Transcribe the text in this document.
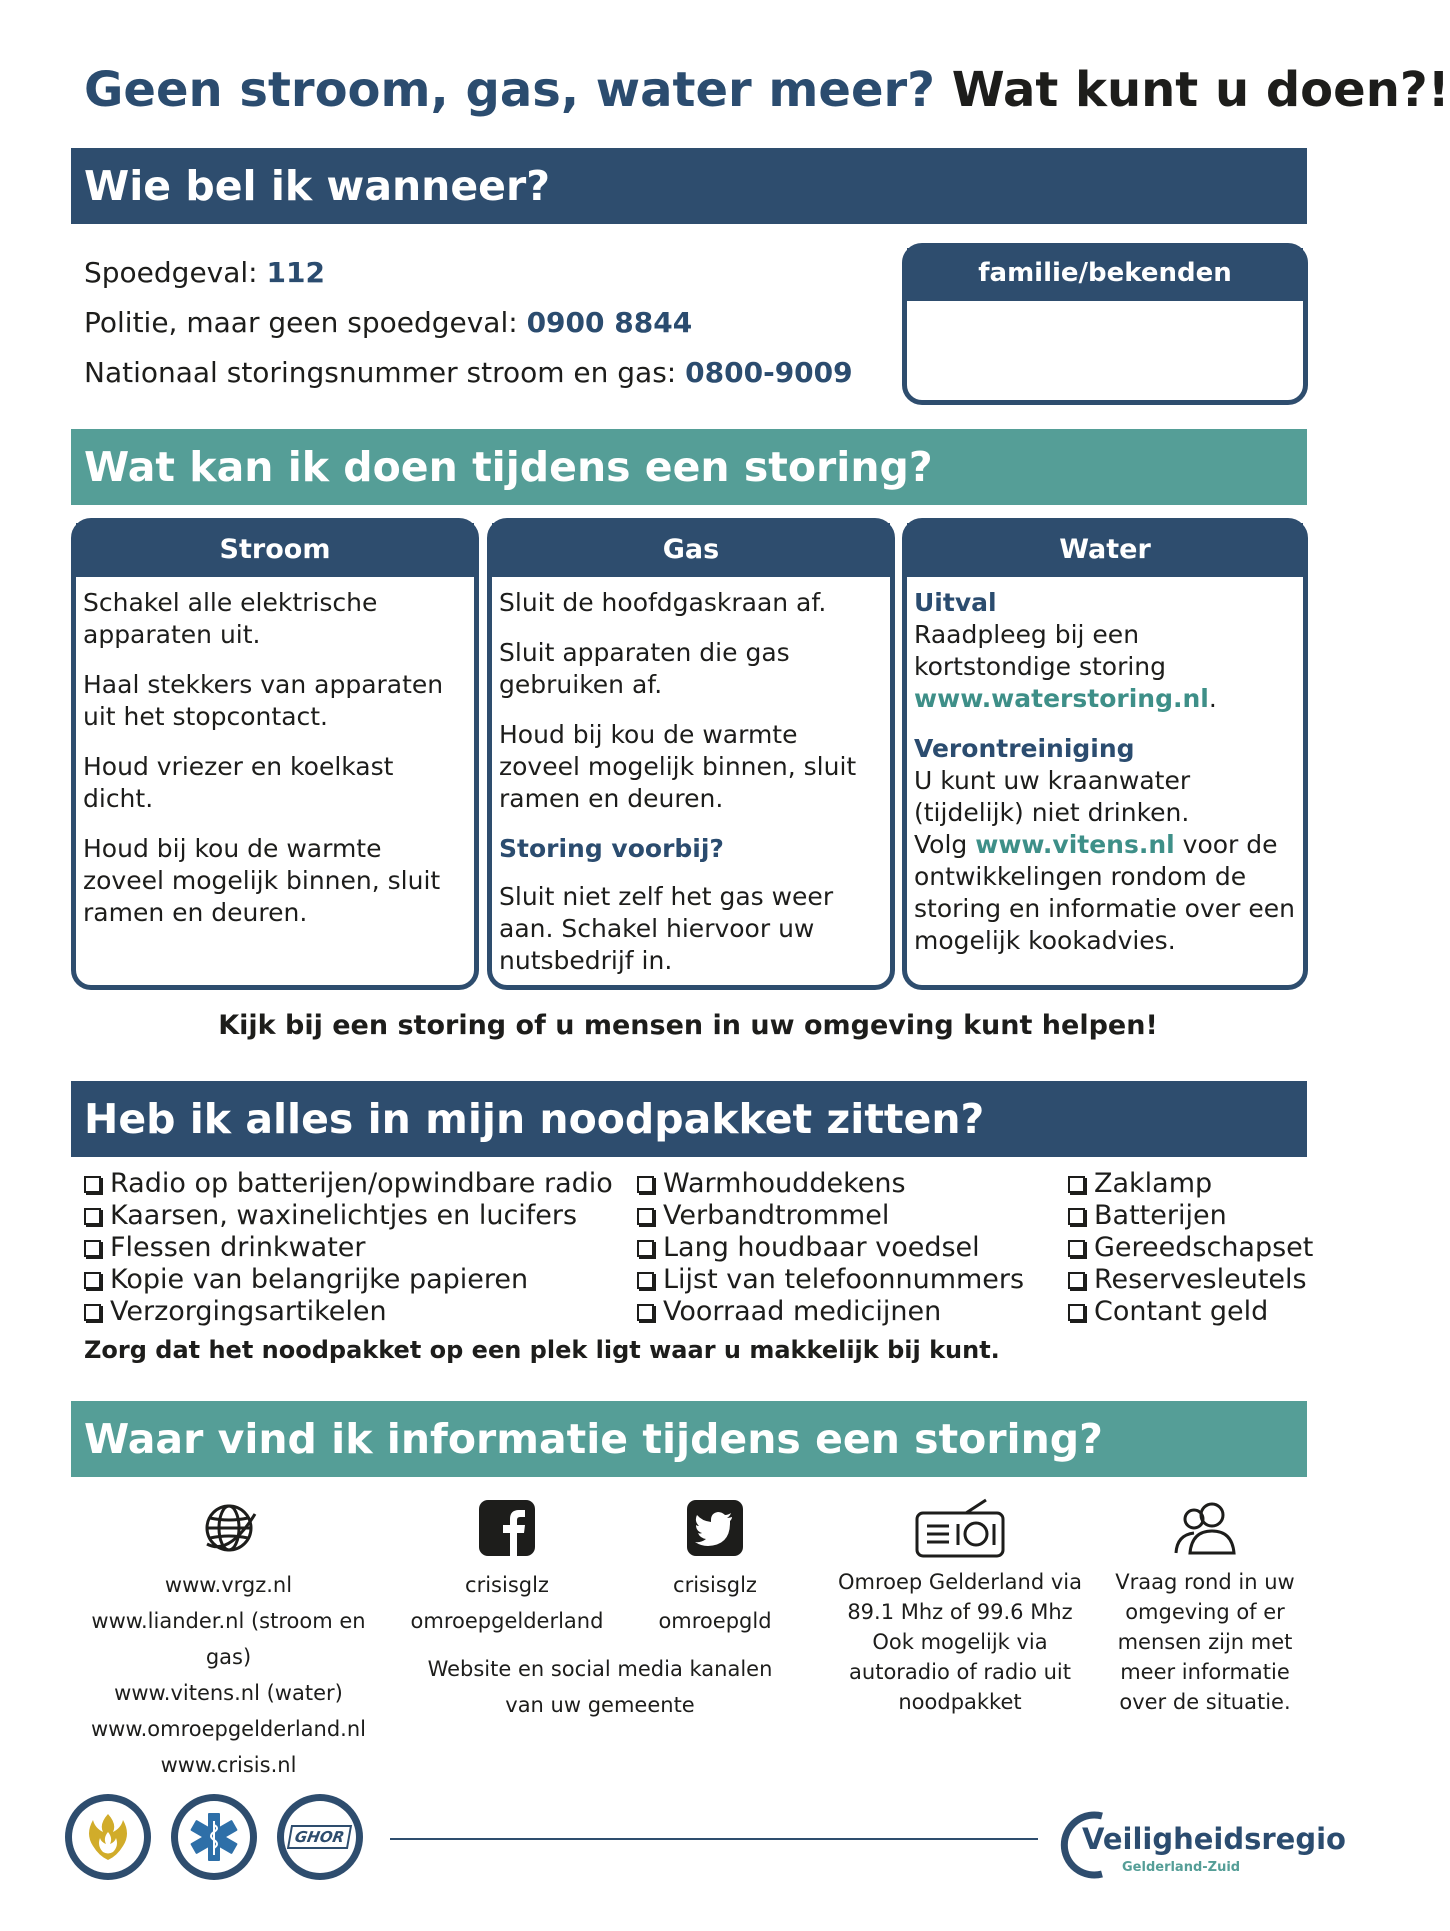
Geen stroom, gas, water meer? Wat kunt u doen?!
Wie bel ik wanneer?
Spoedgeval: 112
Politie, maar geen spoedgeval: 0900 8844
Nationaal storingsnummer stroom en gas: 0800-9009
familie/bekenden
Wat kan ik doen tijdens een storing?
Stroom

Schakel alle elektrische apparaten uit.

Haal stekkers van apparaten uit het stopcontact.

Houd vriezer en koelkast dicht.

Houd bij kou de warmte zoveel mogelijk binnen, sluit ramen en deuren.

Gas

Sluit de hoofdgaskraan af.

Sluit apparaten die gas gebruiken af.

Houd bij kou de warmte zoveel mogelijk binnen, sluit ramen en deuren.

Storing voorbij?

Sluit niet zelf het gas weer aan. Schakel hiervoor uw nutsbedrijf in.

Water

Uitval

Raadpleeg bij een kortstondige storing www.waterstoring.nl.

Verontreiniging

U kunt uw kraanwater (tijdelijk) niet drinken.

Volg www.vitens.nl voor de ontwikkelingen rondom de storing en informatie over een mogelijk kookadvies.

Kijk bij een storing of u mensen in uw omgeving kunt helpen!
Heb ik alles in mijn noodpakket zitten?
Radio op batterijen/opwindbare radio
Kaarsen, waxinelichtjes en lucifers
Flessen drinkwater
Kopie van belangrijke papieren
Verzorgingsartikelen
Warmhouddekens
Verbandtrommel
Lang houdbaar voedsel
Lijst van telefoonnummers
Voorraad medicijnen
Zaklamp
Batterijen
Gereedschapset
Reservesleutels
Contant geld
Zorg dat het noodpakket op een plek ligt waar u makkelijk bij kunt.
Waar vind ik informatie tijdens een storing?
www.vrgz.nl
www.liander.nl (stroom en gas)
www.vitens.nl (water)
www.omroepgelderland.nl
www.crisis.nl
crisisglz
omroepgelderland
crisisglz
omroepgld
Website en social media kanalen van uw gemeente
Omroep Gelderland via 89.1 Mhz of 99.6 Mhz Ook mogelijk via autoradio of radio uit noodpakket
Vraag rond in uw omgeving of er mensen zijn met meer informatie over de situatie.
GHOR	Veiligheidsregio
Gelderland-Zuid
